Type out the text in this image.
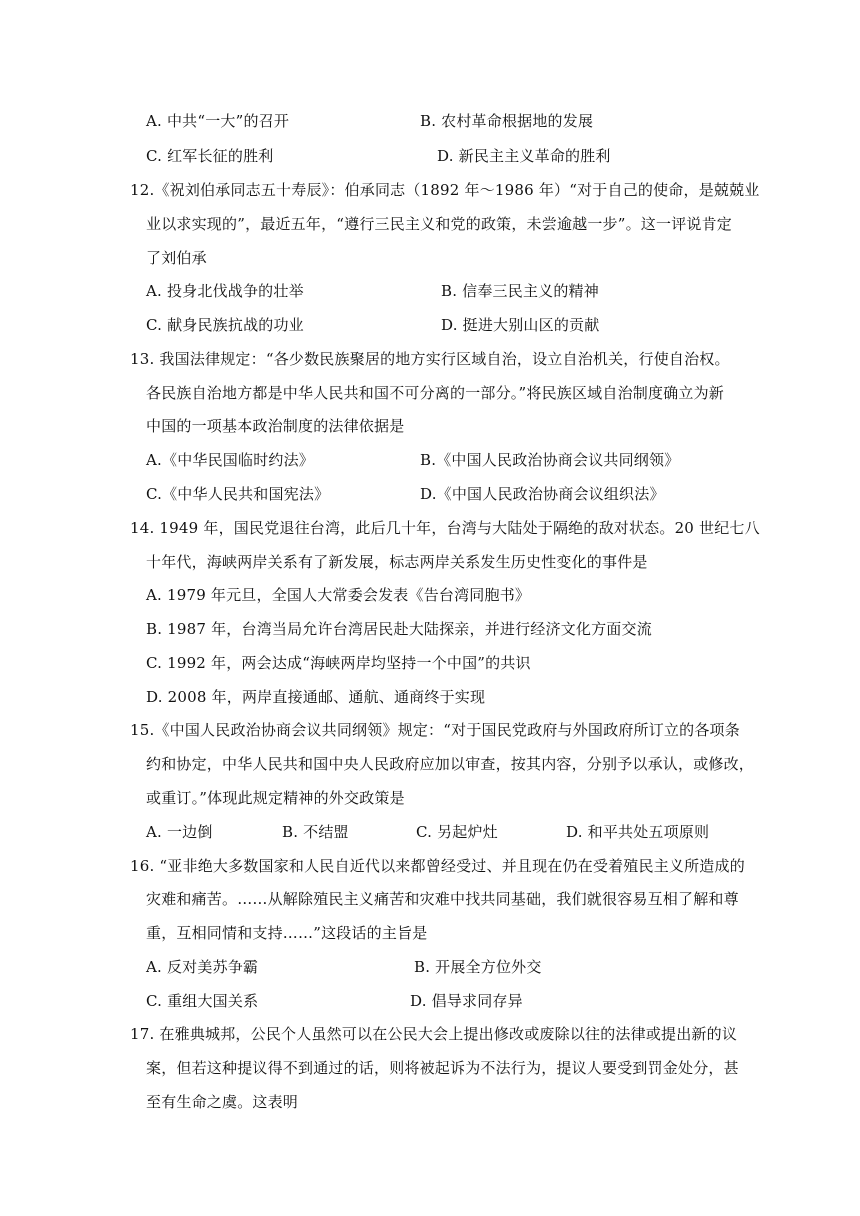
A. 中共“一大”的召开	B. 农村革命根据地的发展
C. 红军长征的胜利	D. 新民主主义革命的胜利
12.《祝刘伯承同志五十寿辰》：伯承同志（1892 年～1986 年）“对于自己的使命，是兢兢业
业以求实现的”，最近五年，“遵行三民主义和党的政策，未尝逾越一步”。这一评说肯定
了刘伯承
A. 投身北伐战争的壮举	B. 信奉三民主义的精神
C. 献身民族抗战的功业	D. 挺进大别山区的贡献
13. 我国法律规定：“各少数民族聚居的地方实行区域自治，设立自治机关，行使自治权。
各民族自治地方都是中华人民共和国不可分离的一部分。”将民族区域自治制度确立为新
中国的一项基本政治制度的法律依据是
A.《中华民国临时约法》	B.《中国人民政治协商会议共同纲领》
C.《中华人民共和国宪法》	D.《中国人民政治协商会议组织法》
14. 1949 年，国民党退往台湾，此后几十年，台湾与大陆处于隔绝的敌对状态。20 世纪七八
十年代，海峡两岸关系有了新发展，标志两岸关系发生历史性变化的事件是
A. 1979 年元旦，全国人大常委会发表《告台湾同胞书》
B. 1987 年，台湾当局允许台湾居民赴大陆探亲，并进行经济文化方面交流
C. 1992 年，两会达成“海峡两岸均坚持一个中国”的共识
D. 2008 年，两岸直接通邮、通航、通商终于实现
15.《中国人民政治协商会议共同纲领》规定：“对于国民党政府与外国政府所订立的各项条
约和协定，中华人民共和国中央人民政府应加以审查，按其内容，分别予以承认，或修改，
或重订。”体现此规定精神的外交政策是
A. 一边倒	B. 不结盟	C. 另起炉灶	D. 和平共处五项原则
16. “亚非绝大多数国家和人民自近代以来都曾经受过、并且现在仍在受着殖民主义所造成的
灾难和痛苦。……从解除殖民主义痛苦和灾难中找共同基础，我们就很容易互相了解和尊
重，互相同情和支持……”这段话的主旨是
A. 反对美苏争霸	B. 开展全方位外交
C. 重组大国关系	D. 倡导求同存异
17. 在雅典城邦，公民个人虽然可以在公民大会上提出修改或废除以往的法律或提出新的议
案，但若这种提议得不到通过的话，则将被起诉为不法行为，提议人要受到罚金处分，甚
至有生命之虞。这表明
